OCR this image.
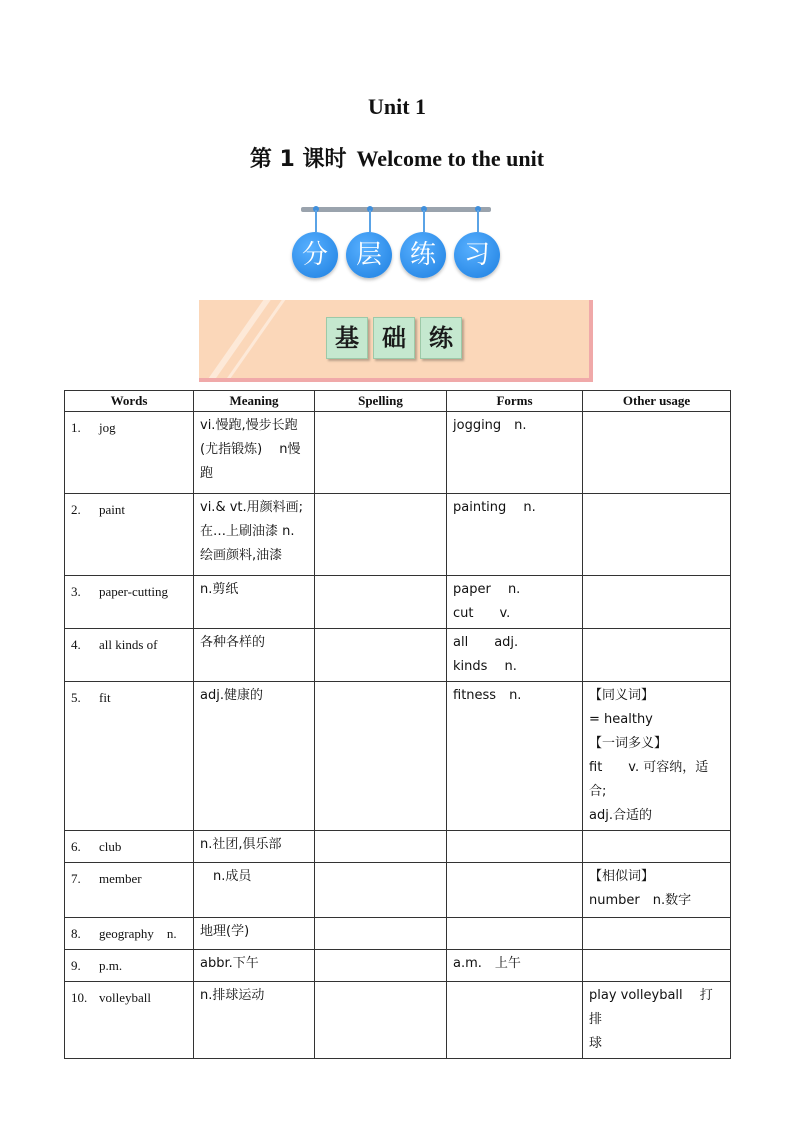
Unit 1
第 1 课时 Welcome to the unit
分	层	练	习
基 础 练
Words	Meaning	Spelling	Forms	Other usage
1. jog	vi.慢跑,慢步长跑
(尤指锻炼)　 n慢
跑		jogging　n.	

2. paint	vi.& vt.用颜料画;
在…上刷油漆 n.
绘画颜料,油漆		painting　 n.	

3. paper-cutting	n.剪纸		paper　 n.
cut　　v.	

4. all kinds of	各种各样的		all　　adj.
kinds　 n.	

5. fit	adj.健康的		fitness　n.	【同义词】
= healthy
【一词多义】
fit　　v. 可容纳，适合;
adj.合适的

6. club	n.社团,俱乐部			

7. member	　n.成员			【相似词】
number　n.数字

8. geography　n.	地理(学)			

9. p.m.	abbr.下午		a.m.　上午	

10. volleyball	n.排球运动			play volleyball　 打排
球
